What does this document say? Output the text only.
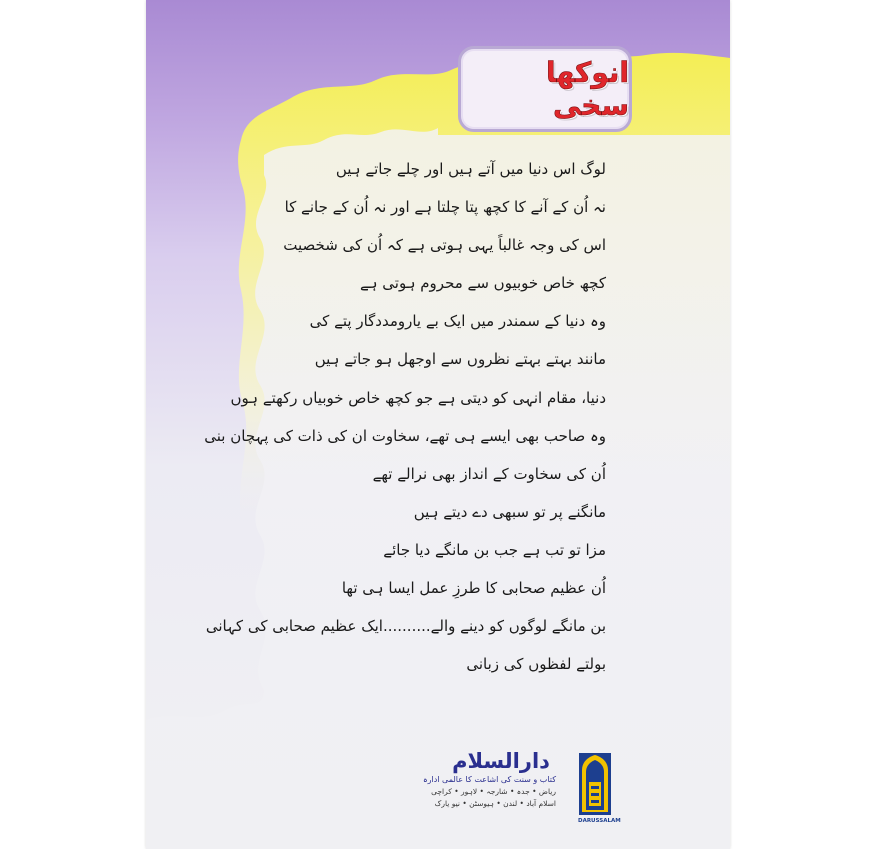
انوکھا سخی
لوگ اس دنیا میں آتے ہیں اور چلے جاتے ہیں
نہ اُن کے آنے کا کچھ پتا چلتا ہے اور نہ اُن کے جانے کا
اس کی وجہ غالباً یہی ہوتی ہے کہ اُن کی شخصیت
کچھ خاص خوبیوں سے محروم ہوتی ہے
وہ دنیا کے سمندر میں ایک بے یارومددگار پتے کی
مانند بہتے بہتے نظروں سے اوجھل ہو جاتے ہیں
دنیا، مقام انہی کو دیتی ہے جو کچھ خاص خوبیاں رکھتے ہوں
وہ صاحب بھی ایسے ہی تھے، سخاوت ان کی ذات کی پہچان بنی
اُن کی سخاوت کے انداز بھی نرالے تھے
مانگنے پر تو سبھی دے دیتے ہیں
مزا تو تب ہے جب بن مانگے دیا جائے
اُن عظیم صحابی کا طرزِ عمل ایسا ہی تھا
بن مانگے لوگوں کو دینے والے..........ایک عظیم صحابی کی کہانی
بولتے لفظوں کی زبانی
دارالسلام
کتاب و سنت کی اشاعت کا عالمی ادارہ
ریاض • جدہ • شارجہ • لاہور • کراچی
اسلام آباد • لندن • ہیوسٹن • نیو یارک
DARUSSALAM
